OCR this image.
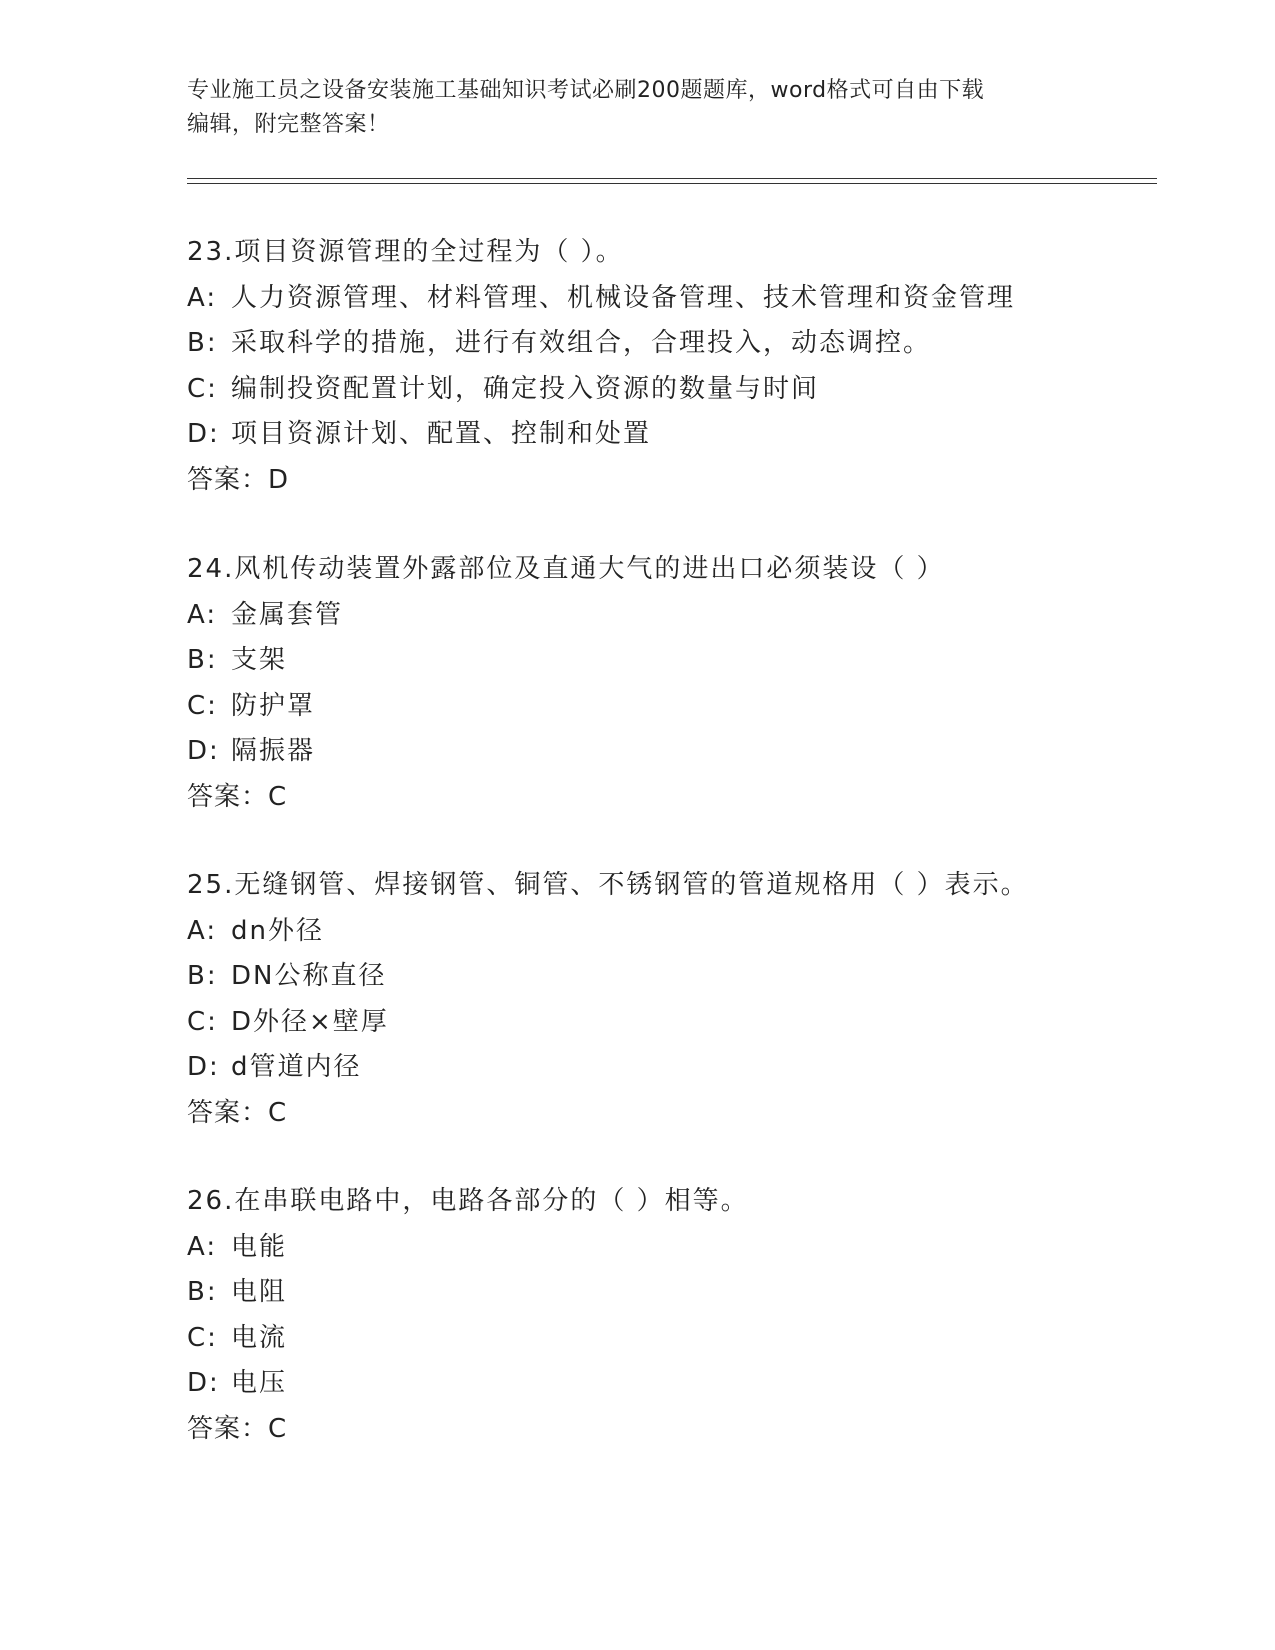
专业施工员之设备安装施工基础知识考试必刷200题题库，word格式可自由下载
编辑，附完整答案！
23.项目资源管理的全过程为（ ）。
A: 人力资源管理、材料管理、机械设备管理、技术管理和资金管理
B: 采取科学的措施，进行有效组合，合理投入，动态调控。
C: 编制投资配置计划，确定投入资源的数量与时间
D: 项目资源计划、配置、控制和处置
答案：D
24.风机传动装置外露部位及直通大气的进出口必须装设（ ）
A: 金属套管
B: 支架
C: 防护罩
D: 隔振器
答案：C
25.无缝钢管、焊接钢管、铜管、不锈钢管的管道规格用（ ）表示。
A: dn外径
B: DN公称直径
C: D外径×壁厚
D: d管道内径
答案：C
26.在串联电路中，电路各部分的（ ）相等。
A: 电能
B: 电阻
C: 电流
D: 电压
答案：C
